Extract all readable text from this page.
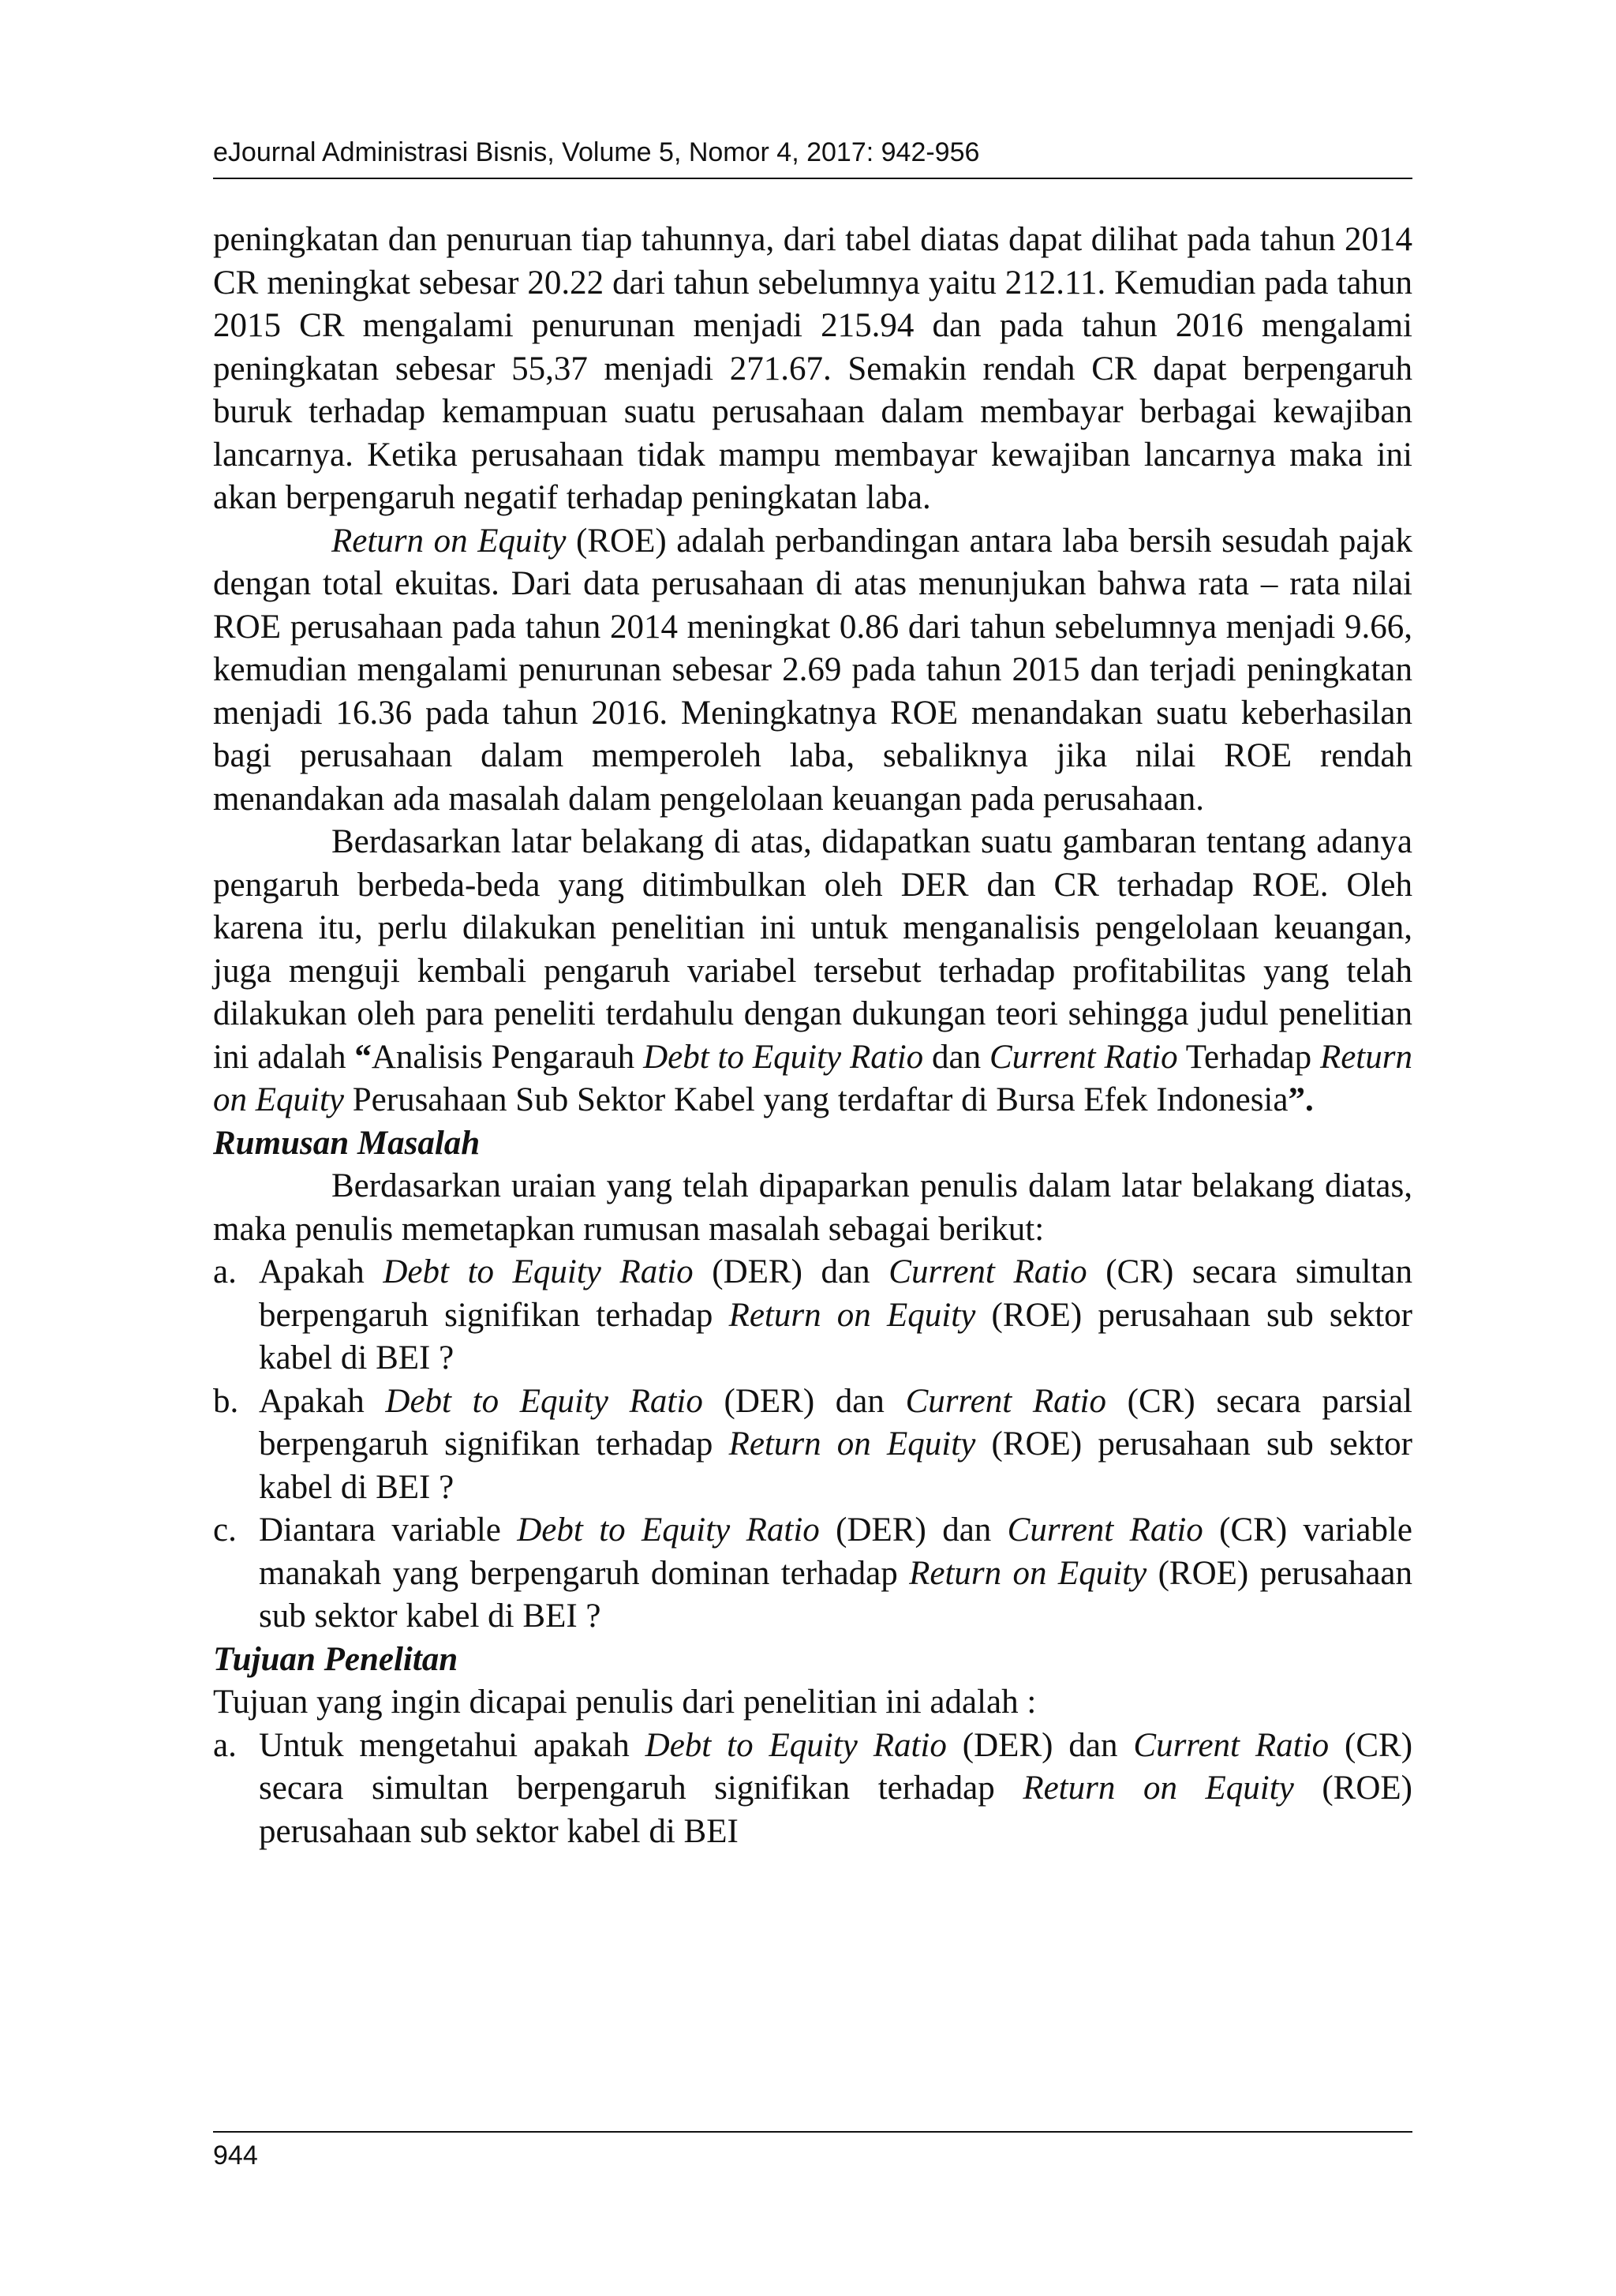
eJournal Administrasi Bisnis, Volume 5, Nomor 4, 2017: 942-956

peningkatan dan penuruan tiap tahunnya, dari tabel diatas dapat dilihat pada tahun 2014 CR meningkat sebesar 20.22 dari tahun sebelumnya yaitu 212.11. Kemudian pada tahun 2015 CR mengalami penurunan menjadi 215.94 dan pada tahun 2016 mengalami peningkatan sebesar 55,37 menjadi 271.67. Semakin rendah CR dapat berpengaruh buruk terhadap kemampuan suatu perusahaan dalam membayar berbagai kewajiban lancarnya. Ketika perusahaan tidak mampu membayar kewajiban lancarnya maka ini akan berpengaruh negatif terhadap peningkatan laba.

Return on Equity (ROE) adalah perbandingan antara laba bersih sesudah pajak dengan total ekuitas. Dari data perusahaan di atas menunjukan bahwa rata – rata nilai ROE perusahaan pada tahun 2014 meningkat 0.86 dari tahun sebelumnya menjadi 9.66, kemudian mengalami penurunan sebesar 2.69 pada tahun 2015 dan terjadi peningkatan menjadi 16.36 pada tahun 2016. Meningkatnya ROE menandakan suatu keberhasilan bagi perusahaan dalam memperoleh laba, sebaliknya jika nilai ROE rendah menandakan ada masalah dalam pengelolaan keuangan pada perusahaan.

Berdasarkan latar belakang di atas, didapatkan suatu gambaran tentang adanya pengaruh berbeda-beda yang ditimbulkan oleh DER dan CR terhadap ROE. Oleh karena itu, perlu dilakukan penelitian ini untuk menganalisis pengelolaan keuangan, juga menguji kembali pengaruh variabel tersebut terhadap profitabilitas yang telah dilakukan oleh para peneliti terdahulu dengan dukungan teori sehingga judul penelitian ini adalah “Analisis Pengarauh Debt to Equity Ratio dan Current Ratio Terhadap Return on Equity Perusahaan Sub Sektor Kabel yang terdaftar di Bursa Efek Indonesia”.

Rumusan Masalah

Berdasarkan uraian yang telah dipaparkan penulis dalam latar belakang diatas, maka penulis memetapkan rumusan masalah sebagai berikut:

a. Apakah Debt to Equity Ratio (DER) dan Current Ratio (CR) secara simultan berpengaruh signifikan terhadap Return on Equity (ROE) perusahaan sub sektor kabel di BEI ?
b. Apakah Debt to Equity Ratio (DER) dan Current Ratio (CR) secara parsial berpengaruh signifikan terhadap Return on Equity (ROE) perusahaan sub sektor kabel di BEI ?
c. Diantara variable Debt to Equity Ratio (DER) dan Current Ratio (CR) variable manakah yang berpengaruh dominan terhadap Return on Equity (ROE) perusahaan sub sektor kabel di BEI ?

Tujuan Penelitan

Tujuan yang ingin dicapai penulis dari penelitian ini adalah :

a. Untuk mengetahui apakah Debt to Equity Ratio (DER) dan Current Ratio (CR) secara simultan berpengaruh signifikan terhadap Return on Equity (ROE) perusahaan sub sektor kabel di BEI
944
